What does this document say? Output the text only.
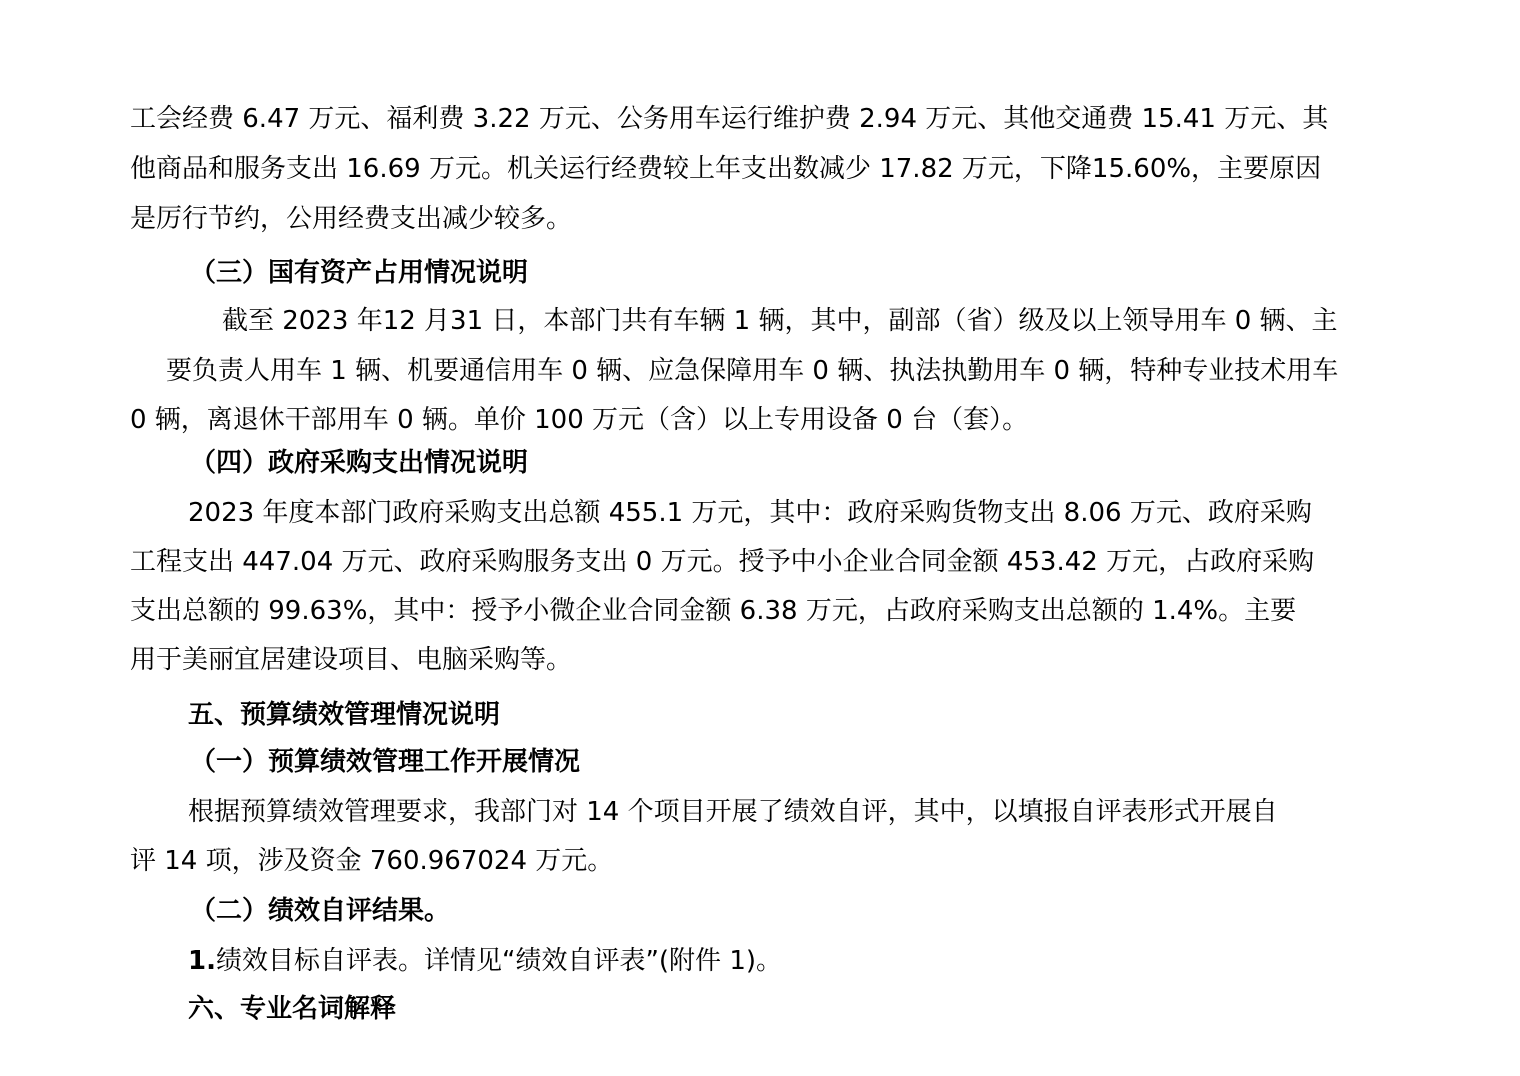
工会经费 6.47 万元、福利费 3.22 万元、公务用车运行维护费 2.94 万元、其他交通费 15.41 万元、其
他商品和服务支出 16.69 万元。机关运行经费较上年支出数减少 17.82 万元，下降15.60%，主要原因
是厉行节约，公用经费支出减少较多。
（三）国有资产占用情况说明
截至 2023 年12 月31 日，本部门共有车辆 1 辆，其中，副部（省）级及以上领导用车 0 辆、主
要负责人用车 1 辆、机要通信用车 0 辆、应急保障用车 0 辆、执法执勤用车 0 辆，特种专业技术用车
0 辆，离退休干部用车 0 辆。单价 100 万元（含）以上专用设备 0 台（套）。
（四）政府采购支出情况说明
2023 年度本部门政府采购支出总额 455.1 万元，其中：政府采购货物支出 8.06 万元、政府采购
工程支出 447.04 万元、政府采购服务支出 0 万元。授予中小企业合同金额 453.42 万元，占政府采购
支出总额的 99.63%，其中：授予小微企业合同金额 6.38 万元，占政府采购支出总额的 1.4%。主要
用于美丽宜居建设项目、电脑采购等。
五、预算绩效管理情况说明
（一）预算绩效管理工作开展情况
根据预算绩效管理要求，我部门对 14 个项目开展了绩效自评，其中，以填报自评表形式开展自
评 14 项，涉及资金 760.967024 万元。
（二）绩效自评结果。
1.绩效目标自评表。详情见“绩效自评表”(附件 1)。
六、专业名词解释
